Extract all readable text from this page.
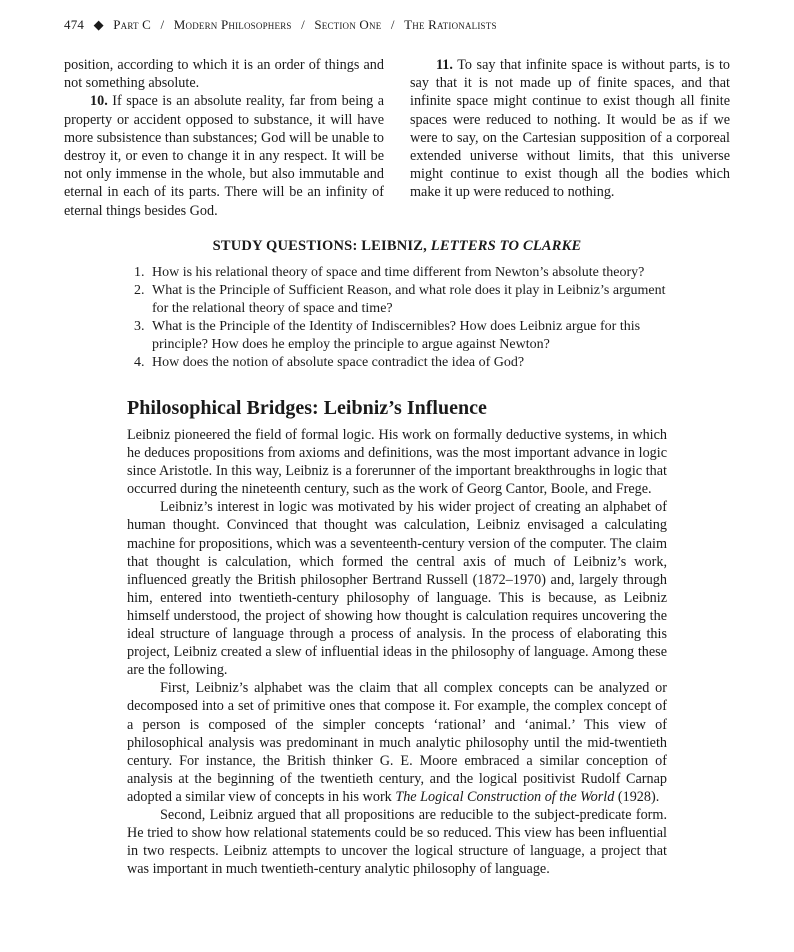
474 ◆ Part C / Modern Philosophers / Section One / The Rationalists

position, according to which it is an order of things and not something absolute.

10. If space is an absolute reality, far from being a property or accident opposed to substance, it will have more subsistence than substances; God will be unable to destroy it, or even to change it in any respect. It will be not only immense in the whole, but also immutable and eternal in each of its parts. There will be an infinity of eternal things besides God.

11. To say that infinite space is without parts, is to say that it is not made up of finite spaces, and that infinite space might continue to exist though all finite spaces were reduced to nothing. It would be as if we were to say, on the Cartesian supposition of a corporeal extended universe without limits, that this universe might continue to exist though all the bodies which make it up were reduced to nothing.

STUDY QUESTIONS: LEIBNIZ, LETTERS TO CLARKE
1. How is his relational theory of space and time different from Newton’s absolute theory?
2. What is the Principle of Sufficient Reason, and what role does it play in Leibniz’s argument for the relational theory of space and time?
3. What is the Principle of the Identity of Indiscernibles? How does Leibniz argue for this principle? How does he employ the principle to argue against Newton?
4. How does the notion of absolute space contradict the idea of God?
Philosophical Bridges: Leibniz’s Influence

Leibniz pioneered the field of formal logic. His work on formally deductive systems, in which he deduces propositions from axioms and definitions, was the most important advance in logic since Aristotle. In this way, Leibniz is a forerunner of the important breakthroughs in logic that occurred during the nineteenth century, such as the work of Georg Cantor, Boole, and Frege.

Leibniz’s interest in logic was motivated by his wider project of creating an alphabet of human thought. Convinced that thought was calculation, Leibniz envisaged a calculating machine for propositions, which was a seventeenth-century version of the computer. The claim that thought is calculation, which formed the central axis of much of Leibniz’s work, influenced greatly the British philosopher Bertrand Russell (1872–1970) and, largely through him, entered into twentieth-century philosophy of language. This is because, as Leibniz himself understood, the project of showing how thought is calculation requires uncovering the ideal structure of language through a process of analysis. In the process of elaborating this project, Leibniz created a slew of influential ideas in the philosophy of language. Among these are the following.

First, Leibniz’s alphabet was the claim that all complex concepts can be analyzed or decomposed into a set of primitive ones that compose it. For example, the complex concept of a person is composed of the simpler concepts ‘rational’ and ‘animal.’ This view of philosophical analysis was predominant in much analytic philosophy until the mid-twentieth century. For instance, the British thinker G. E. Moore embraced a similar conception of analysis at the beginning of the twentieth century, and the logical positivist Rudolf Carnap adopted a similar view of concepts in his work The Logical Construction of the World (1928).

Second, Leibniz argued that all propositions are reducible to the subject-predicate form. He tried to show how relational statements could be so reduced. This view has been influential in two respects. Leibniz attempts to uncover the logical structure of language, a project that was important in much twentieth-century analytic philosophy of language.
